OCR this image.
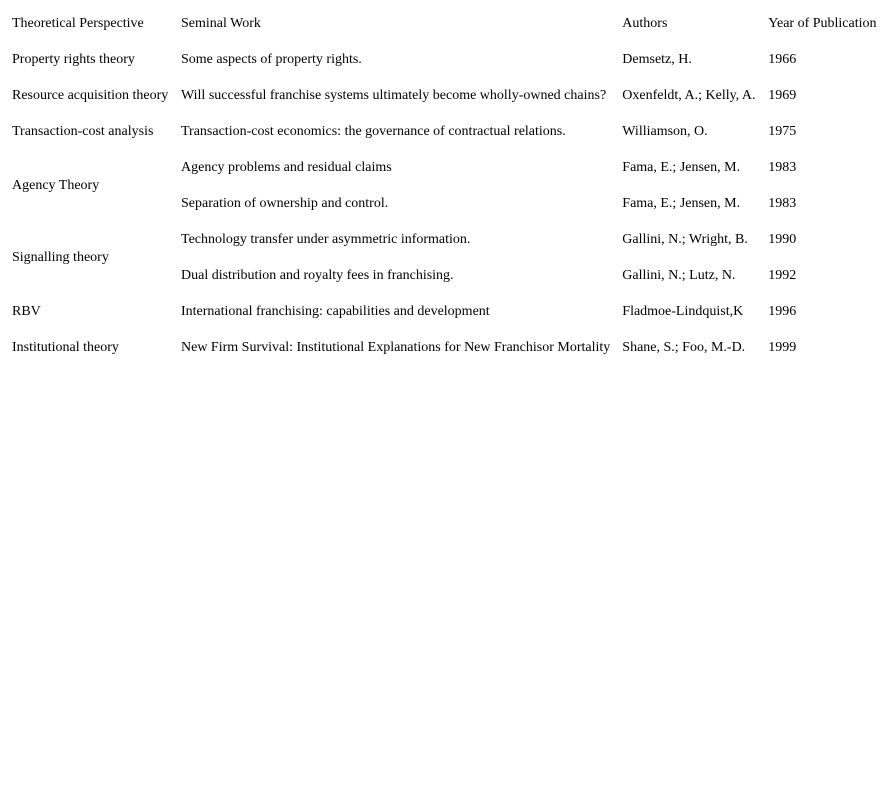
Theoretical Perspective	Seminal Work	Authors	Year of Publication
Property rights theory	Some aspects of property rights.	Demsetz, H.	1966
Resource acquisition theory	Will successful franchise systems ultimately become wholly-owned chains?	Oxenfeldt, A.; Kelly, A.	1969
Transaction-cost analysis	Transaction-cost economics: the governance of contractual relations.	Williamson, O.	1975
Agency Theory	Agency problems and residual claims	Fama, E.; Jensen, M.	1983
	Separation of ownership and control.	Fama, E.; Jensen, M.	1983
Signalling theory	Technology transfer under asymmetric information.	Gallini, N.; Wright, B.	1990
	Dual distribution and royalty fees in franchising.	Gallini, N.; Lutz, N.	1992
RBV	International franchising: capabilities and development	Fladmoe-Lindquist,K	1996
Institutional theory	New Firm Survival: Institutional Explanations for New Franchisor Mortality	Shane, S.; Foo, M.-D.	1999
